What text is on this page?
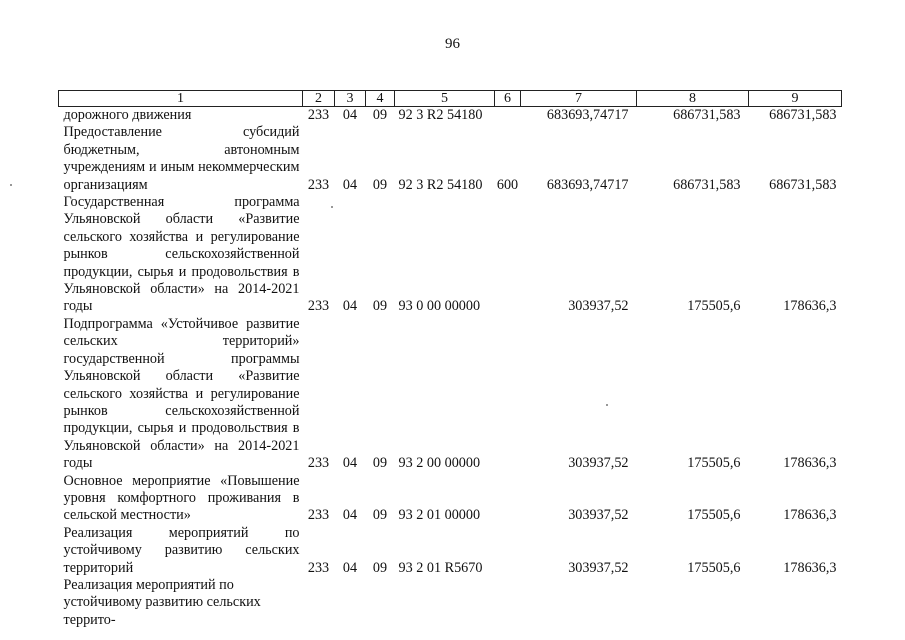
96
1	2	3	4	5	6	7	8	9
дорожного движения	233	04	09	92 3 R2 54180		683693,74717	686731,583	686731,583
Предоставление субсидий бюджетным, автономным учреждениям и иным некоммерческим организациям	233	04	09	92 3 R2 54180	600	683693,74717	686731,583	686731,583
Государственная программа Ульяновской области «Развитие сельского хозяйства и регулирование рынков сельскохозяйственной продукции, сырья и продовольствия в Ульяновской области» на 2014-2021 годы	233	04	09	93 0 00 00000		303937,52	175505,6	178636,3
Подпрограмма «Устойчивое развитие сельских территорий» государственной программы Ульяновской области «Развитие сельского хозяйства и регулирование рынков сельскохозяйственной продукции, сырья и продовольствия в Ульяновской области» на 2014-2021 годы	233	04	09	93 2 00 00000		303937,52	175505,6	178636,3
Основное мероприятие «Повышение уровня комфортного проживания в сельской местности»	233	04	09	93 2 01 00000		303937,52	175505,6	178636,3
Реализация мероприятий по устойчивому развитию сельских территорий	233	04	09	93 2 01 R5670		303937,52	175505,6	178636,3
Реализация мероприятий по устойчивому развитию сельских террито-								
